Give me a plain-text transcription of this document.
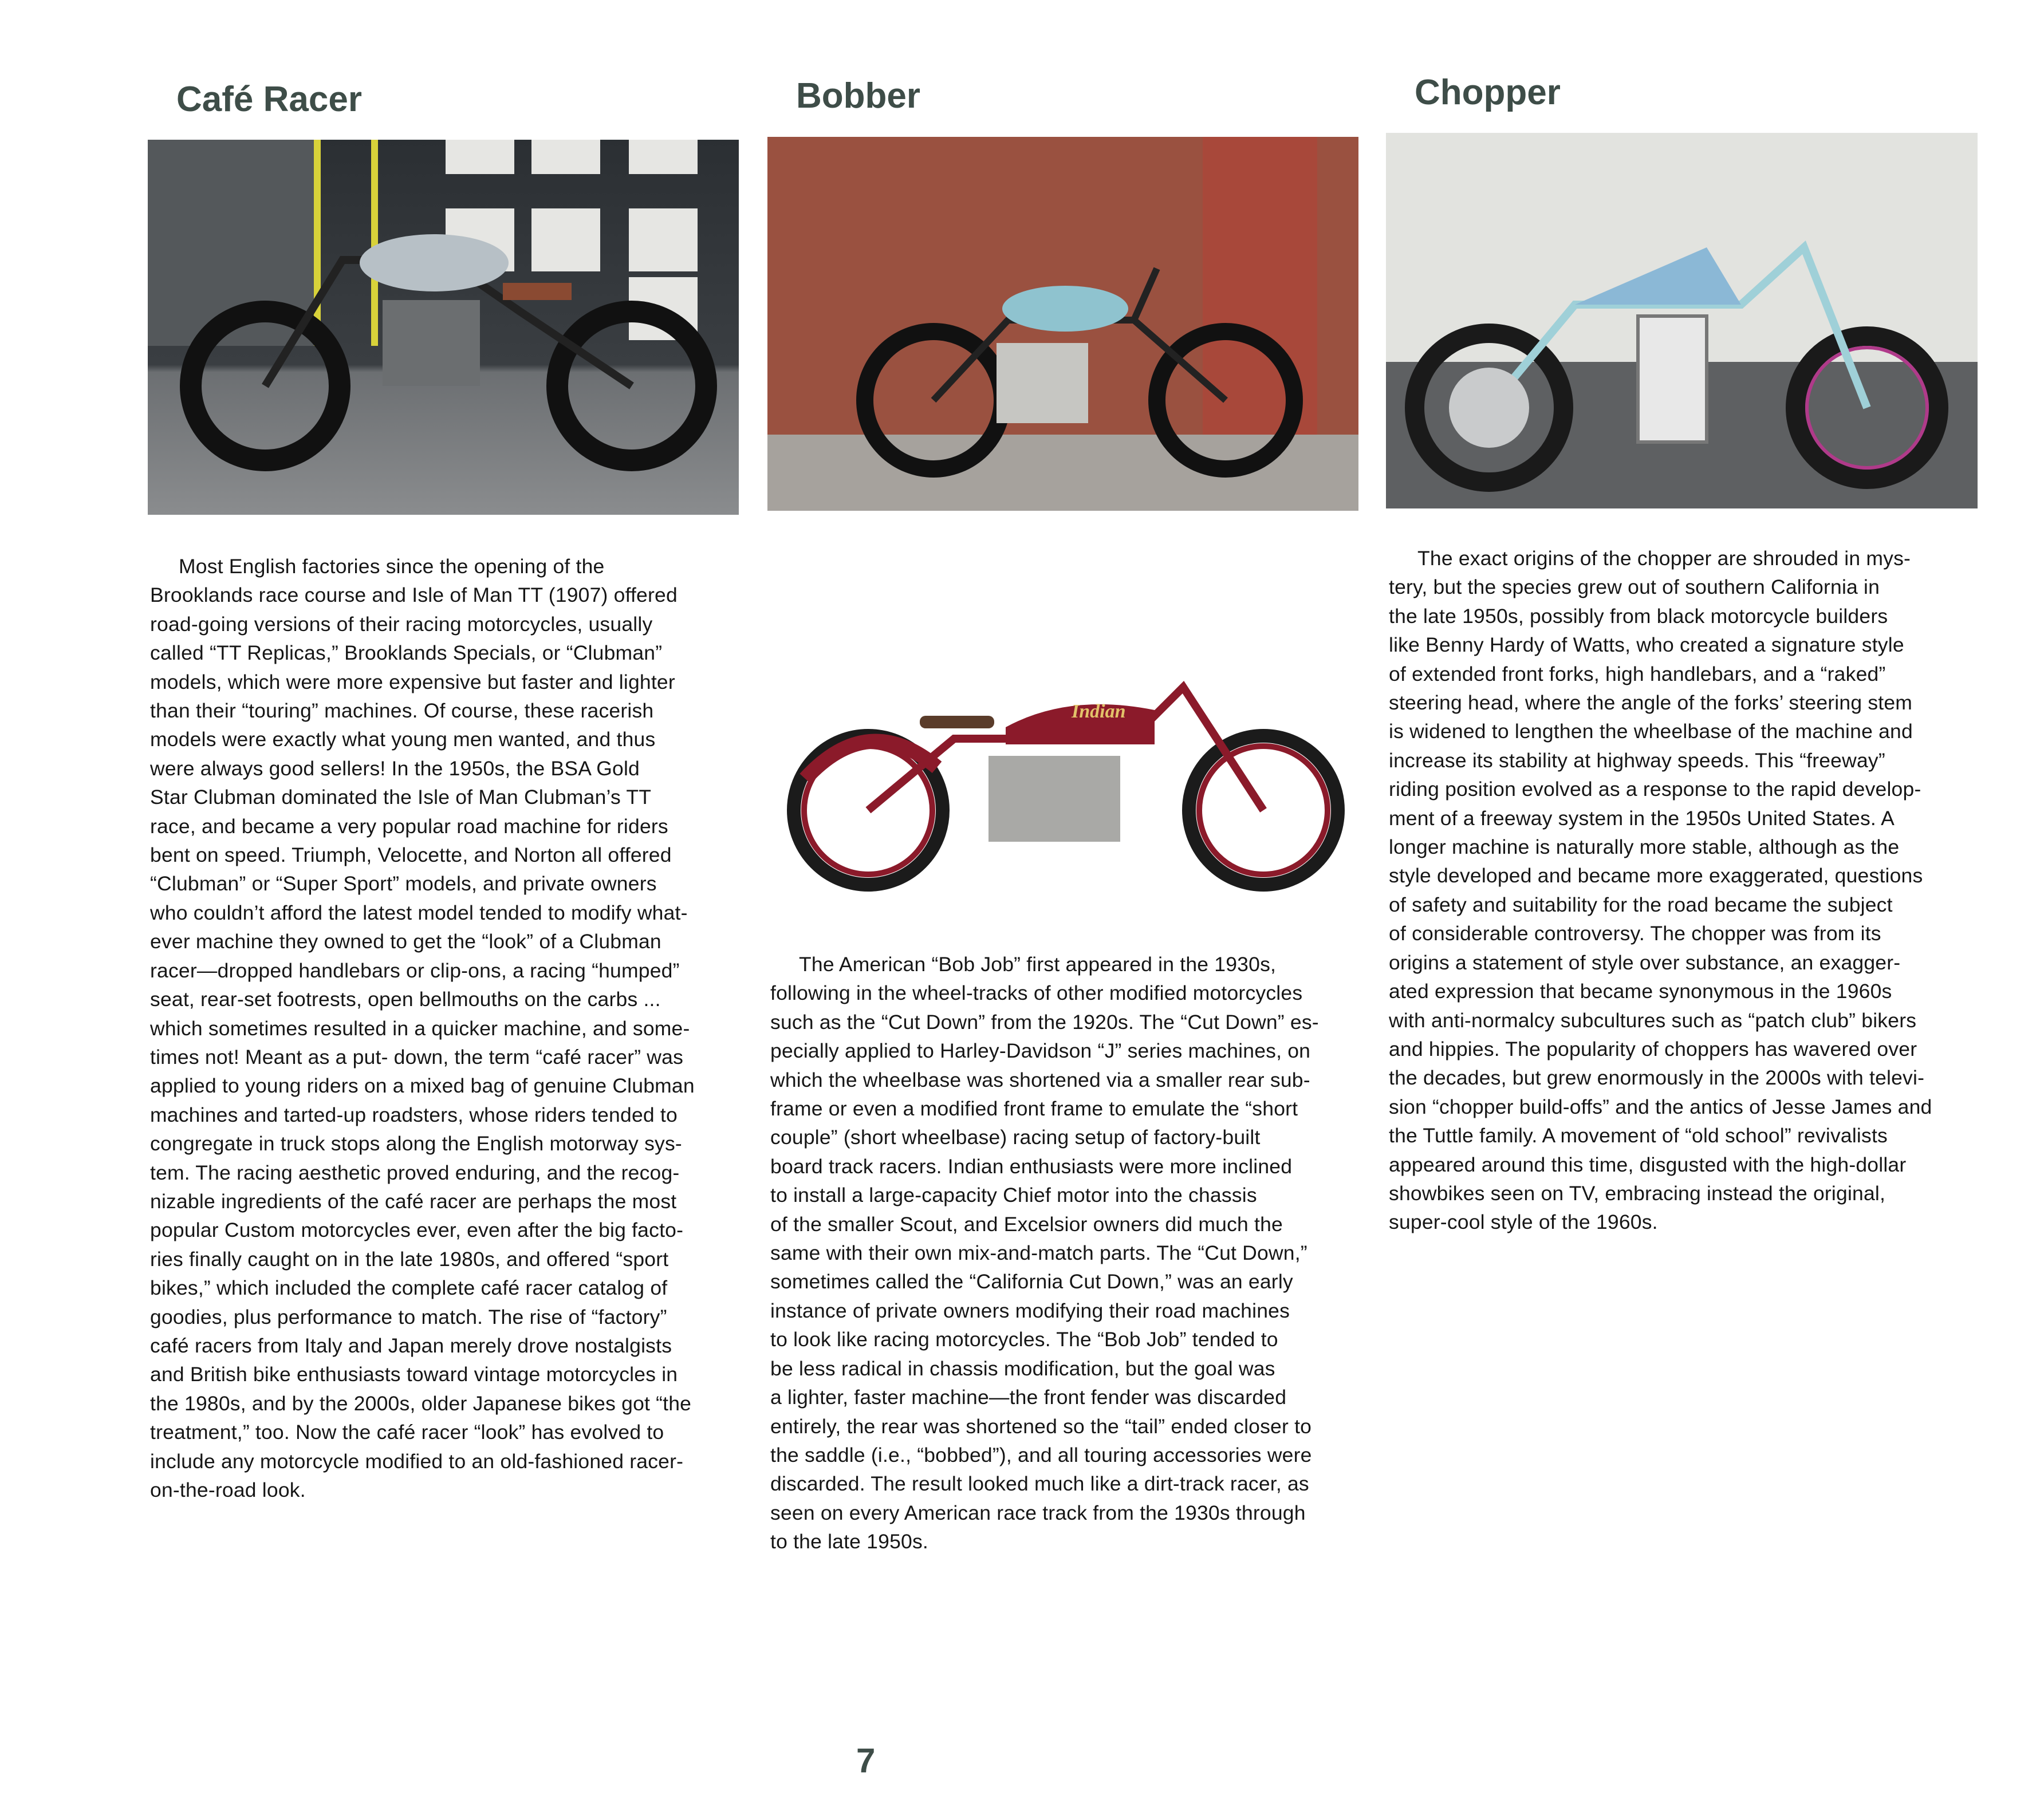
Café Racer	Bobber	Chopper
Indian
Most English factories since the opening of the
Brooklands race course and Isle of Man TT (1907) offered
road-going versions of their racing motorcycles, usually
called “TT Replicas,” Brooklands Specials, or “Clubman”
models, which were more expensive but faster and lighter
than their “touring” machines. Of course, these racerish
models were exactly what young men wanted, and thus
were always good sellers! In the 1950s, the BSA Gold
Star Clubman dominated the Isle of Man Clubman’s TT
race, and became a very popular road machine for riders
bent on speed. Triumph, Velocette, and Norton all offered
“Clubman” or “Super Sport” models, and private owners
who couldn’t afford the latest model tended to modify what-
ever machine they owned to get the “look” of a Clubman
racer—dropped handlebars or clip-ons, a racing “humped”
seat, rear-set footrests, open bellmouths on the carbs ...
which sometimes resulted in a quicker machine, and some-
times not! Meant as a put- down, the term “café racer” was
applied to young riders on a mixed bag of genuine Clubman
machines and tarted-up roadsters, whose riders tended to
congregate in truck stops along the English motorway sys-
tem. The racing aesthetic proved enduring, and the recog-
nizable ingredients of the café racer are perhaps the most
popular Custom motorcycles ever, even after the big facto-
ries finally caught on in the late 1980s, and offered “sport
bikes,” which included the complete café racer catalog of
goodies, plus performance to match. The rise of “factory”
café racers from Italy and Japan merely drove nostalgists
and British bike enthusiasts toward vintage motorcycles in
the 1980s, and by the 2000s, older Japanese bikes got “the
treatment,” too. Now the café racer “look” has evolved to
include any motorcycle modified to an old-fashioned racer-
on-the-road look.
The American “Bob Job” first appeared in the 1930s,
following in the wheel-tracks of other modified motorcycles
such as the “Cut Down” from the 1920s. The “Cut Down” es-
pecially applied to Harley-Davidson “J” series machines, on
which the wheelbase was shortened via a smaller rear sub-
frame or even a modified front frame to emulate the “short
couple” (short wheelbase) racing setup of factory-built
board track racers. Indian enthusiasts were more inclined
to install a large-capacity Chief motor into the chassis
of the smaller Scout, and Excelsior owners did much the
same with their own mix-and-match parts. The “Cut Down,”
sometimes called the “California Cut Down,” was an early
instance of private owners modifying their road machines
to look like racing motorcycles. The “Bob Job” tended to
be less radical in chassis modification, but the goal was
a lighter, faster machine—the front fender was discarded
entirely, the rear was shortened so the “tail” ended closer to
the saddle (i.e., “bobbed”), and all touring accessories were
discarded. The result looked much like a dirt-track racer, as
seen on every American race track from the 1930s through
to the late 1950s.
The exact origins of the chopper are shrouded in mys-
tery, but the species grew out of southern California in
the late 1950s, possibly from black motorcycle builders
like Benny Hardy of Watts, who created a signature style
of extended front forks, high handlebars, and a “raked”
steering head, where the angle of the forks’ steering stem
is widened to lengthen the wheelbase of the machine and
increase its stability at highway speeds. This “freeway”
riding position evolved as a response to the rapid develop-
ment of a freeway system in the 1950s United States. A
longer machine is naturally more stable, although as the
style developed and became more exaggerated, questions
of safety and suitability for the road became the subject
of considerable controversy. The chopper was from its
origins a statement of style over substance, an exagger-
ated expression that became synonymous in the 1960s
with anti-normalcy subcultures such as “patch club” bikers
and hippies. The popularity of choppers has wavered over
the decades, but grew enormously in the 2000s with televi-
sion “chopper build-offs” and the antics of Jesse James and
the Tuttle family. A movement of “old school” revivalists
appeared around this time, disgusted with the high-dollar
showbikes seen on TV, embracing instead the original,
super-cool style of the 1960s.
7
